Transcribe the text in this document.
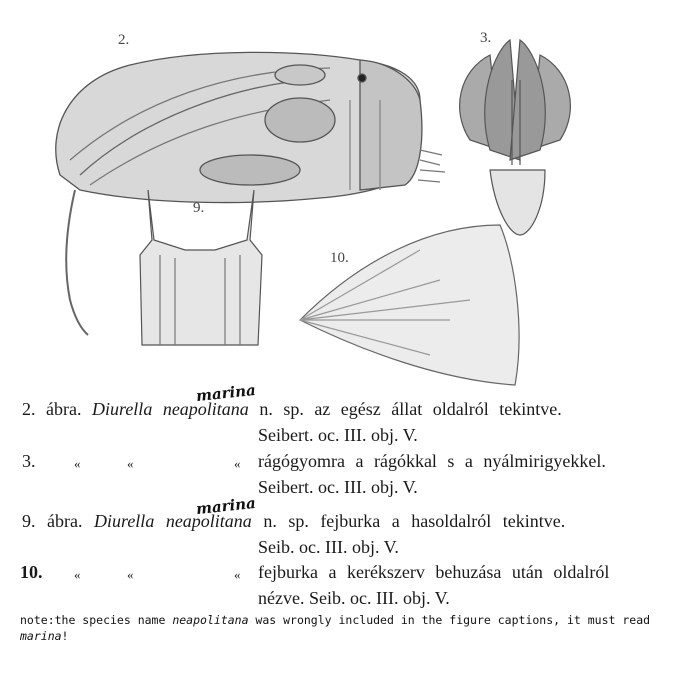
2.	3.
9.
10.
marina
2. ábra. Diurella neapolitana n. sp. az egész állat oldalról tekintve.
Seibert. oc. III. obj. V.
3.	«	«	« rágógyomra a rágókkal s a nyálmirigyekkel.
Seibert. oc. III. obj. V.
marina
9. ábra. Diurella neapolitana n. sp. fejburka a hasoldalról tekintve.
Seib. oc. III. obj. V.
10. «	«	« fejburka a kerékszerv behuzása után oldalról
nézve. Seib. oc. III. obj. V.
note:the species name neapolitana was wrongly included in the figure captions, it must read marina!
